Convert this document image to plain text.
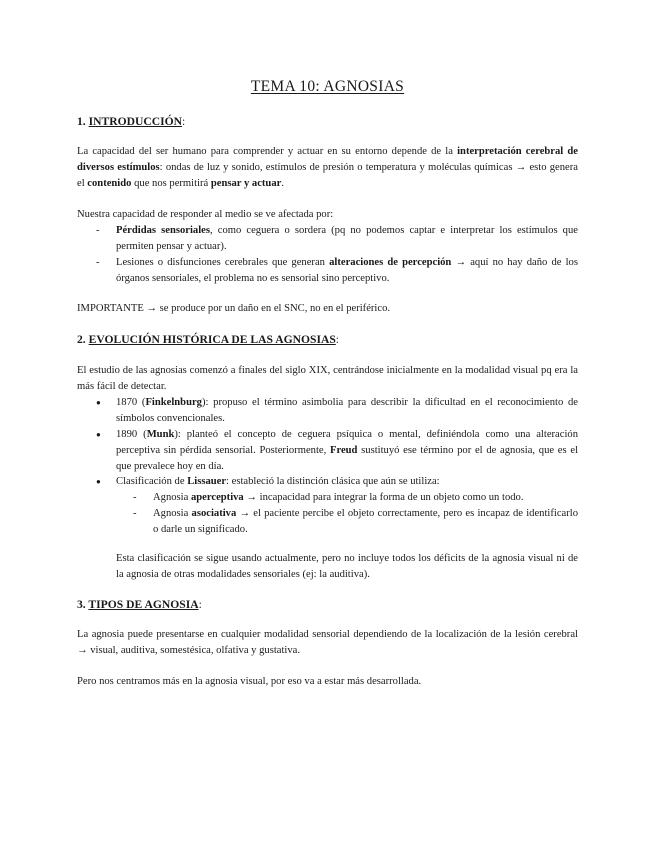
TEMA 10: AGNOSIAS
1. INTRODUCCIÓN:
La capacidad del ser humano para comprender y actuar en su entorno depende de la interpretación cerebral de diversos estímulos: ondas de luz y sonido, estímulos de presión o temperatura y moléculas químicas → esto genera el contenido que nos permitirá pensar y actuar.
Nuestra capacidad de responder al medio se ve afectada por:
- Pérdidas sensoriales, como ceguera o sordera (pq no podemos captar e interpretar los estímulos que permiten pensar y actuar).
- Lesiones o disfunciones cerebrales que generan alteraciones de percepción → aquí no hay daño de los órganos sensoriales, el problema no es sensorial sino perceptivo.
IMPORTANTE → se produce por un daño en el SNC, no en el periférico.
2. EVOLUCIÓN HISTÓRICA DE LAS AGNOSIAS:
El estudio de las agnosias comenzó a finales del siglo XIX, centrándose inicialmente en la modalidad visual pq era la más fácil de detectar.
● 1870 (Finkelnburg): propuso el término asimbolia para describir la dificultad en el reconocimiento de símbolos convencionales.
● 1890 (Munk): planteó el concepto de ceguera psíquica o mental, definiéndola como una alteración perceptiva sin pérdida sensorial. Posteriormente, Freud sustituyó ese término por el de agnosia, que es el que prevalece hoy en día.
● Clasificación de Lissauer: estableció la distinción clásica que aún se utiliza:
- Agnosia aperceptiva → incapacidad para integrar la forma de un objeto como un todo.
- Agnosia asociativa → el paciente percibe el objeto correctamente, pero es incapaz de identificarlo o darle un significado.
Esta clasificación se sigue usando actualmente, pero no incluye todos los déficits de la agnosia visual ni de la agnosia de otras modalidades sensoriales (ej: la auditiva).
3. TIPOS DE AGNOSIA:
La agnosia puede presentarse en cualquier modalidad sensorial dependiendo de la localización de la lesión cerebral → visual, auditiva, somestésica, olfativa y gustativa.
Pero nos centramos más en la agnosia visual, por eso va a estar más desarrollada.
